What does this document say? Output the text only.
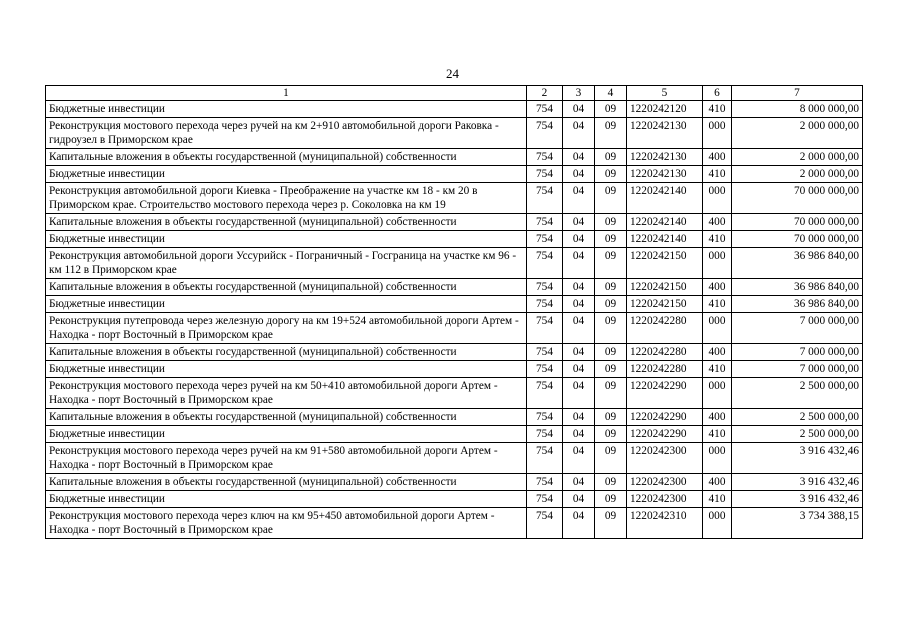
24
1	2	3	4	5	6	7
Бюджетные инвестиции	754	04	09	1220242120	410	8 000 000,00
Реконструкция мостового перехода через ручей на км 2+910 автомобильной дороги Раковка - гидроузел в Приморском крае	754	04	09	1220242130	000	2 000 000,00
Капитальные вложения в объекты государственной (муниципальной) собственности	754	04	09	1220242130	400	2 000 000,00
Бюджетные инвестиции	754	04	09	1220242130	410	2 000 000,00
Реконструкция автомобильной дороги Киевка - Преображение на участке км 18 - км 20 в Приморском крае. Строительство мостового перехода через р. Соколовка на км 19	754	04	09	1220242140	000	70 000 000,00
Капитальные вложения в объекты государственной (муниципальной) собственности	754	04	09	1220242140	400	70 000 000,00
Бюджетные инвестиции	754	04	09	1220242140	410	70 000 000,00
Реконструкция автомобильной дороги Уссурийск - Пограничный - Госграница на участке км 96 - км 112 в Приморском крае	754	04	09	1220242150	000	36 986 840,00
Капитальные вложения в объекты государственной (муниципальной) собственности	754	04	09	1220242150	400	36 986 840,00
Бюджетные инвестиции	754	04	09	1220242150	410	36 986 840,00
Реконструкция путепровода через железную дорогу на км 19+524 автомобильной дороги Артем - Находка - порт Восточный в Приморском крае	754	04	09	1220242280	000	7 000 000,00
Капитальные вложения в объекты государственной (муниципальной) собственности	754	04	09	1220242280	400	7 000 000,00
Бюджетные инвестиции	754	04	09	1220242280	410	7 000 000,00
Реконструкция мостового перехода через ручей на км 50+410 автомобильной дороги Артем - Находка - порт Восточный в Приморском крае	754	04	09	1220242290	000	2 500 000,00
Капитальные вложения в объекты государственной (муниципальной) собственности	754	04	09	1220242290	400	2 500 000,00
Бюджетные инвестиции	754	04	09	1220242290	410	2 500 000,00
Реконструкция мостового перехода через ручей на км 91+580 автомобильной дороги Артем - Находка - порт Восточный в Приморском крае	754	04	09	1220242300	000	3 916 432,46
Капитальные вложения в объекты государственной (муниципальной) собственности	754	04	09	1220242300	400	3 916 432,46
Бюджетные инвестиции	754	04	09	1220242300	410	3 916 432,46
Реконструкция мостового перехода через ключ на км 95+450 автомобильной дороги Артем - Находка - порт Восточный в Приморском крае	754	04	09	1220242310	000	3 734 388,15
